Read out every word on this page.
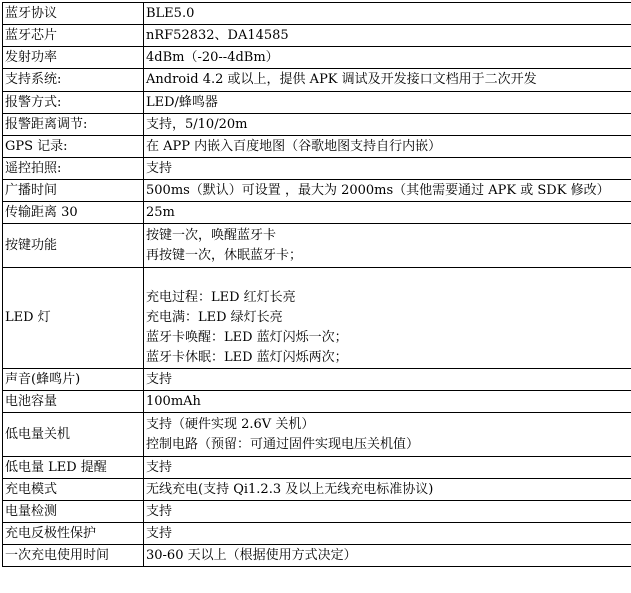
蓝牙协议	BLE5.0

蓝牙芯片	nRF52832、DA14585

发射功率	4dBm（-20--4dBm）

支持系统:	Android 4.2 或以上，提供 APK 调试及开发接口文档用于二次开发

报警方式:	LED/蜂鸣器

报警距离调节:	支持，5/10/20m

GPS 记录:	在 APP 内嵌入百度地图（谷歌地图支持自行内嵌）

遥控拍照:	支持

广播时间	500ms（默认）可设置 ，最大为 2000ms（其他需要通过 APK 或 SDK 修改）

传输距离 30	25m

按键功能	按键一次，唤醒蓝牙卡
再按键一次，休眠蓝牙卡；

LED 灯	充电过程：LED 红灯长亮
充电满：LED 绿灯长亮
蓝牙卡唤醒：LED 蓝灯闪烁一次；
蓝牙卡休眠：LED 蓝灯闪烁两次；

声音(蜂鸣片)	支持

电池容量	100mAh

低电量关机	支持（硬件实现 2.6V 关机）
控制电路（预留：可通过固件实现电压关机值）

低电量 LED 提醒	支持

充电模式	无线充电(支持 Qi1.2.3 及以上无线充电标准协议)

电量检测	支持

充电反极性保护	支持

一次充电使用时间	30-60 天以上（根据使用方式决定）
